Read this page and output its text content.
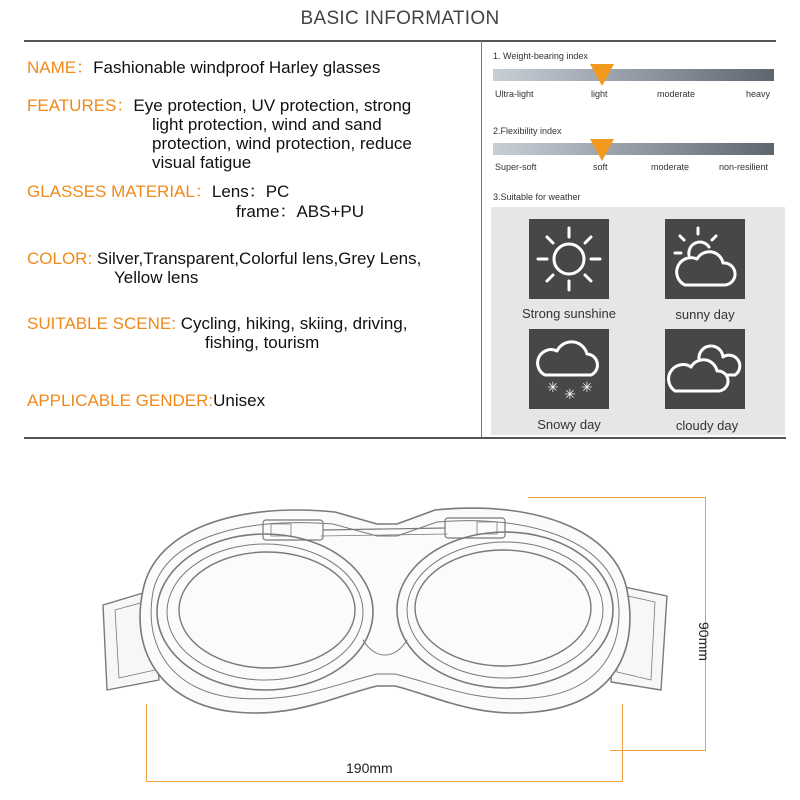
BASIC INFORMATION
NAME：Fashionable windproof Harley glasses
FEATURES：Eye protection, UV protection, strong
light protection, wind and sand
protection, wind protection, reduce
visual fatigue
GLASSES MATERIAL：Lens：PC
frame：ABS+PU
COLOR: Silver,Transparent,Colorful lens,Grey Lens,
Yellow lens
SUITABLE SCENE: Cycling, hiking, skiing, driving,
fishing, tourism
APPLICABLE GENDER:Unisex
1. Weight-bearing index
Ultra-light	light	moderate	heavy
2.Flexibility index
Super-soft	soft	moderate	non-resilient
3.Suitable for weather
Strong sunshine	sunny day
✳ ✳ ✳
Snowy day	cloudy day
90mm
190mm
